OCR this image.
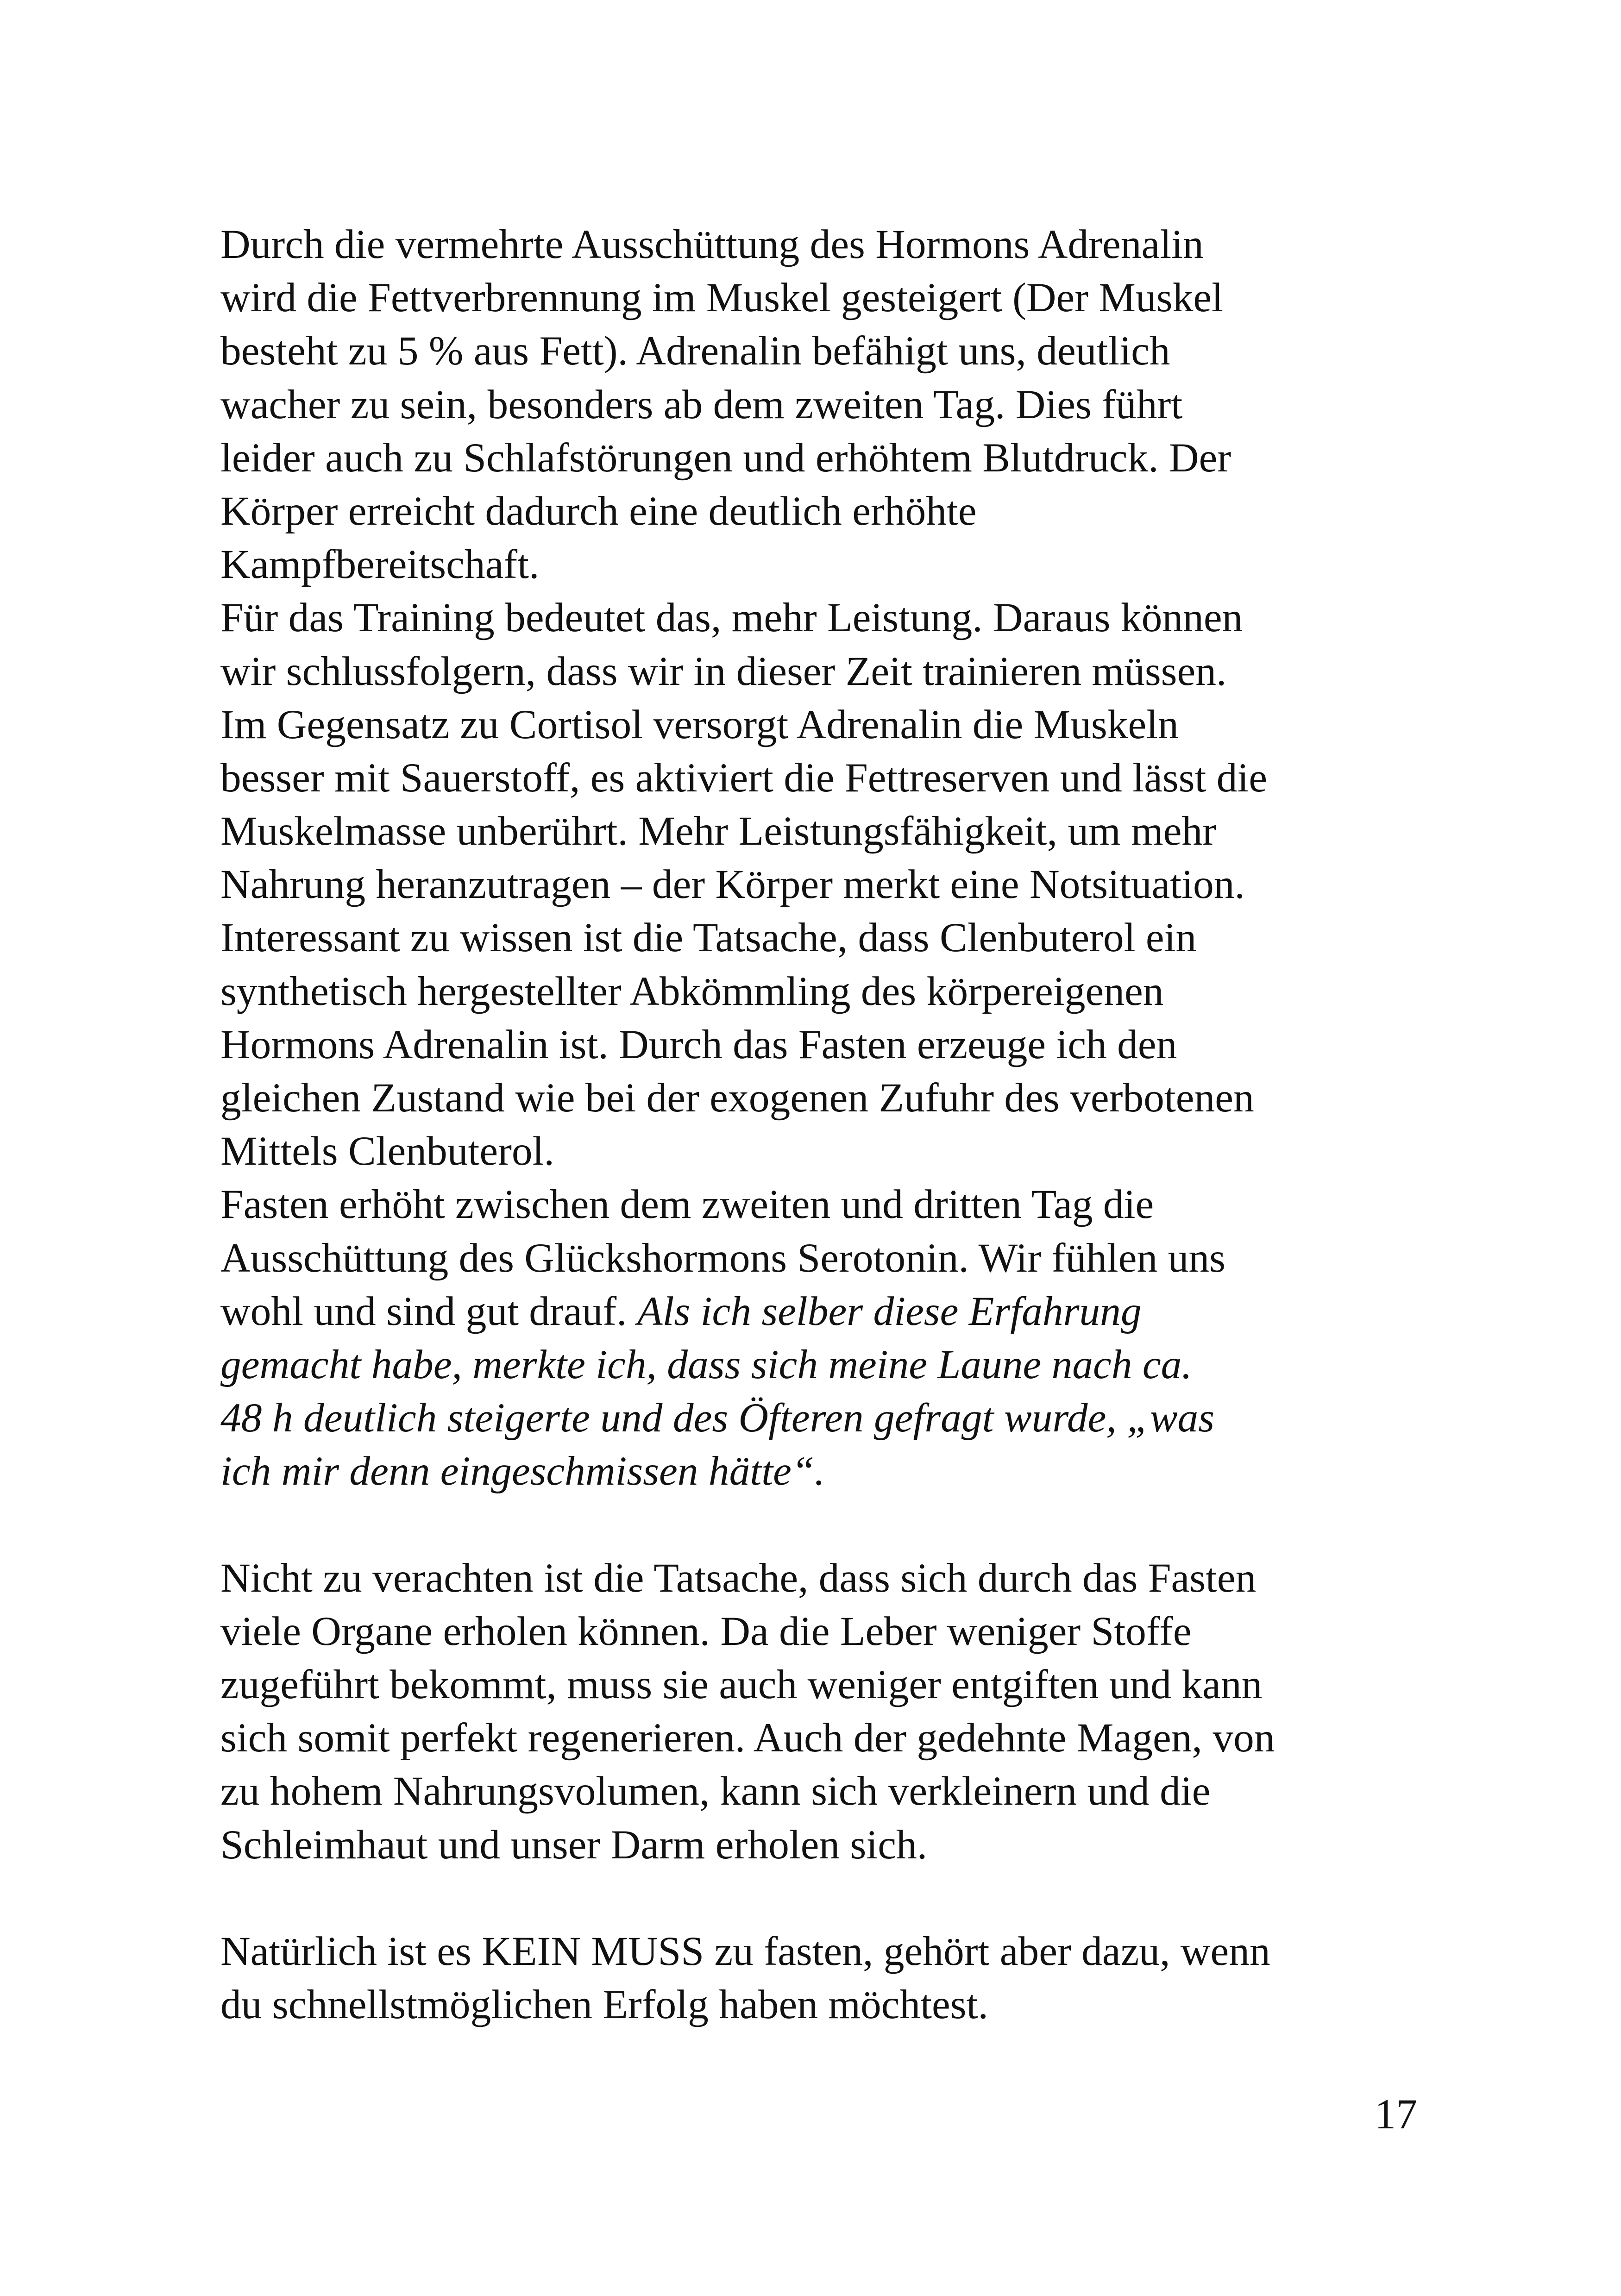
Durch die vermehrte Ausschüttung des Hormons Adrenalin
wird die Fettverbrennung im Muskel gesteigert (Der Muskel
besteht zu 5 % aus Fett). Adrenalin befähigt uns, deutlich
wacher zu sein, besonders ab dem zweiten Tag. Dies führt
leider auch zu Schlafstörungen und erhöhtem Blutdruck. Der
Körper erreicht dadurch eine deutlich erhöhte
Kampfbereitschaft.
Für das Training bedeutet das, mehr Leistung. Daraus können
wir schlussfolgern, dass wir in dieser Zeit trainieren müssen.
Im Gegensatz zu Cortisol versorgt Adrenalin die Muskeln
besser mit Sauerstoff, es aktiviert die Fettreserven und lässt die
Muskelmasse unberührt. Mehr Leistungsfähigkeit, um mehr
Nahrung heranzutragen – der Körper merkt eine Notsituation.
Interessant zu wissen ist die Tatsache, dass Clenbuterol ein
synthetisch hergestellter Abkömmling des körpereigenen
Hormons Adrenalin ist. Durch das Fasten erzeuge ich den
gleichen Zustand wie bei der exogenen Zufuhr des verbotenen
Mittels Clenbuterol.
Fasten erhöht zwischen dem zweiten und dritten Tag die
Ausschüttung des Glückshormons Serotonin. Wir fühlen uns
wohl und sind gut drauf. Als ich selber diese Erfahrung
gemacht habe, merkte ich, dass sich meine Laune nach ca.
48 h deutlich steigerte und des Öfteren gefragt wurde, „was
ich mir denn eingeschmissen hätte“.
Nicht zu verachten ist die Tatsache, dass sich durch das Fasten
viele Organe erholen können. Da die Leber weniger Stoffe
zugeführt bekommt, muss sie auch weniger entgiften und kann
sich somit perfekt regenerieren. Auch der gedehnte Magen, von
zu hohem Nahrungsvolumen, kann sich verkleinern und die
Schleimhaut und unser Darm erholen sich.
Natürlich ist es KEIN MUSS zu fasten, gehört aber dazu, wenn
du schnellstmöglichen Erfolg haben möchtest.
17
